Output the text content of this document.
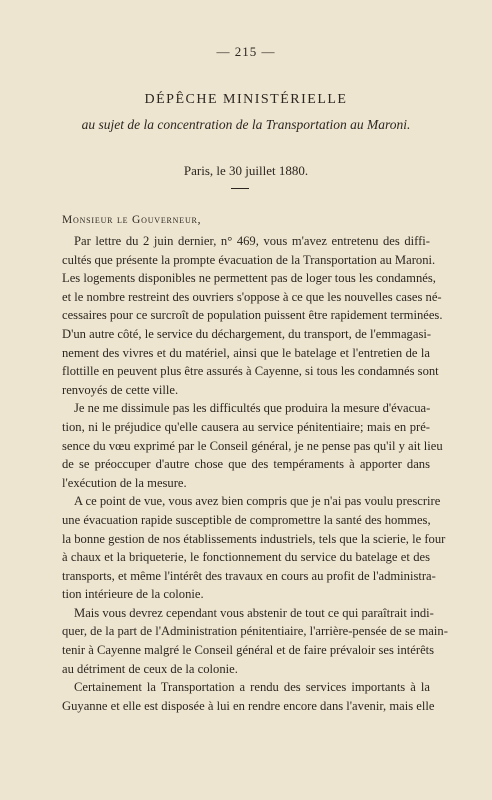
— 215 —
DÉPÊCHE MINISTÉRIELLE
au sujet de la concentration de la Transportation au Maroni.
Paris, le 30 juillet 1880.
Monsieur le Gouverneur,

Par lettre du 2 juin dernier, n° 469, vous m'avez entretenu des diffi-
cultés que présente la prompte évacuation de la Transportation au Maroni.
Les logements disponibles ne permettent pas de loger tous les condamnés,
et le nombre restreint des ouvriers s'oppose à ce que les nouvelles cases né-
cessaires pour ce surcroît de population puissent être rapidement terminées.
D'un autre côté, le service du déchargement, du transport, de l'emmagasi-
nement des vivres et du matériel, ainsi que le batelage et l'entretien de la
flottille en peuvent plus être assurés à Cayenne, si tous les condamnés sont
renvoyés de cette ville.

Je ne me dissimule pas les difficultés que produira la mesure d'évacua-
tion, ni le préjudice qu'elle causera au service pénitentiaire; mais en pré-
sence du vœu exprimé par le Conseil général, je ne pense pas qu'il y ait lieu
de se préoccuper d'autre chose que des tempéraments à apporter dans
l'exécution de la mesure.

A ce point de vue, vous avez bien compris que je n'ai pas voulu prescrire
une évacuation rapide susceptible de compromettre la santé des hommes,
la bonne gestion de nos établissements industriels, tels que la scierie, le four
à chaux et la briqueterie, le fonctionnement du service du batelage et des
transports, et même l'intérêt des travaux en cours au profit de l'administra-
tion intérieure de la colonie.

Mais vous devrez cependant vous abstenir de tout ce qui paraîtrait indi-
quer, de la part de l'Administration pénitentiaire, l'arrière-pensée de se main-
tenir à Cayenne malgré le Conseil général et de faire prévaloir ses intérêts
au détriment de ceux de la colonie.

Certainement la Transportation a rendu des services importants à la
Guyanne et elle est disposée à lui en rendre encore dans l'avenir, mais elle
